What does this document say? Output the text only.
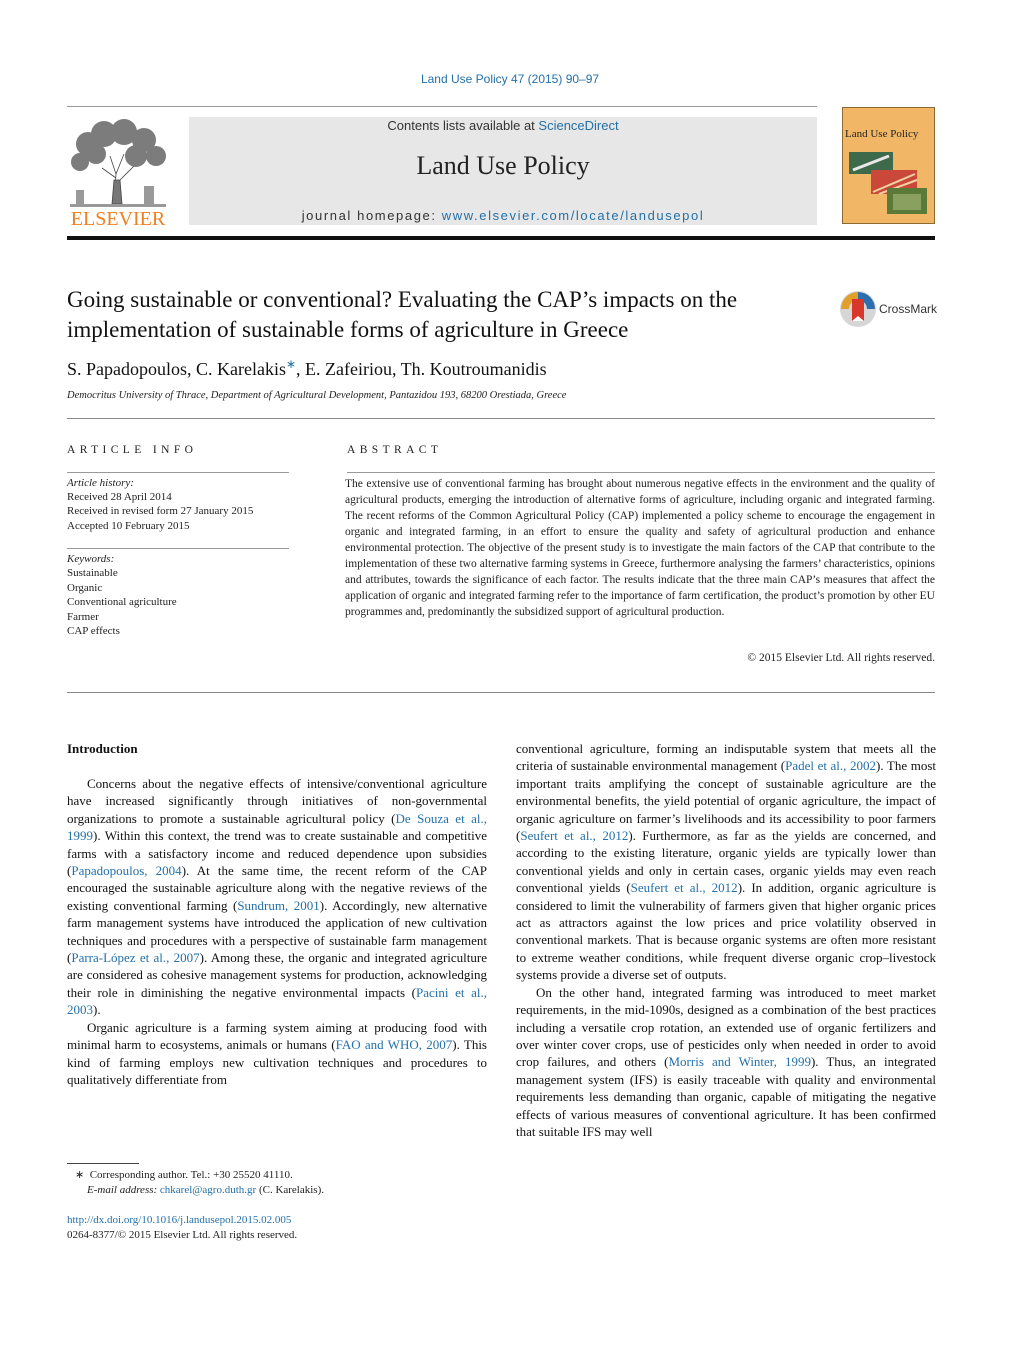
Land Use Policy 47 (2015) 90–97
ELSEVIER
Contents lists available at ScienceDirect
Land Use Policy
journal homepage: www.elsevier.com/locate/landusepol
Land Use Policy
Going sustainable or conventional? Evaluating the CAP’s impacts on the implementation of sustainable forms of agriculture in Greece
CrossMark
S. Papadopoulos, C. Karelakis∗, E. Zafeiriou, Th. Koutroumanidis
Democritus University of Thrace, Department of Agricultural Development, Pantazidou 193, 68200 Orestiada, Greece
ARTICLE INFO	ABSTRACT
Article history:
Received 28 April 2014
Received in revised form 27 January 2015
Accepted 10 February 2015
Keywords:
Sustainable
Organic
Conventional agriculture
Farmer
CAP effects
The extensive use of conventional farming has brought about numerous negative effects in the environment and the quality of agricultural products, emerging the introduction of alternative forms of agriculture, including organic and integrated farming. The recent reforms of the Common Agricultural Policy (CAP) implemented a policy scheme to encourage the engagement in organic and integrated farming, in an effort to ensure the quality and safety of agricultural production and enhance environmental protection. The objective of the present study is to investigate the main factors of the CAP that contribute to the implementation of these two alternative farming systems in Greece, furthermore analysing the farmers’ characteristics, opinions and attributes, towards the significance of each factor. The results indicate that the three main CAP’s measures that affect the application of organic and integrated farming refer to the importance of farm certification, the product’s promotion by other EU programmes and, predominantly the subsidized support of agricultural production.
© 2015 Elsevier Ltd. All rights reserved.
Introduction

Concerns about the negative effects of intensive/conventional agriculture have increased significantly through initiatives of non-governmental organizations to promote a sustainable agricultural policy (De Souza et al., 1999). Within this context, the trend was to create sustainable and competitive farms with a satisfactory income and reduced dependence upon subsidies (Papadopoulos, 2004). At the same time, the recent reform of the CAP encouraged the sustainable agriculture along with the negative reviews of the existing conventional farming (Sundrum, 2001). Accordingly, new alternative farm management systems have introduced the application of new cultivation techniques and procedures with a perspective of sustainable farm management (Parra-López et al., 2007). Among these, the organic and integrated agriculture are considered as cohesive management systems for production, acknowledging their role in diminishing the negative environmental impacts (Pacini et al., 2003).

Organic agriculture is a farming system aiming at producing food with minimal harm to ecosystems, animals or humans (FAO and WHO, 2007). This kind of farming employs new cultivation techniques and procedures to qualitatively differentiate from

conventional agriculture, forming an indisputable system that meets all the criteria of sustainable environmental management (Padel et al., 2002). The most important traits amplifying the concept of sustainable agriculture are the environmental benefits, the yield potential of organic agriculture, the impact of organic agriculture on farmer’s livelihoods and its accessibility to poor farmers (Seufert et al., 2012). Furthermore, as far as the yields are concerned, and according to the existing literature, organic yields are typically lower than conventional yields and only in certain cases, organic yields may even reach conventional yields (Seufert et al., 2012). In addition, organic agriculture is considered to limit the vulnerability of farmers given that higher organic prices act as attractors against the low prices and price volatility observed in conventional markets. That is because organic systems are often more resistant to extreme weather conditions, while frequent diverse organic crop–livestock systems provide a diverse set of outputs.

On the other hand, integrated farming was introduced to meet market requirements, in the mid-1090s, designed as a combination of the best practices including a versatile crop rotation, an extended use of organic fertilizers and over winter cover crops, use of pesticides only when needed in order to avoid crop failures, and others (Morris and Winter, 1999). Thus, an integrated management system (IFS) is easily traceable with quality and environmental requirements less demanding than organic, capable of mitigating the negative effects of various measures of conventional agriculture. It has been confirmed that suitable IFS may well

∗ Corresponding author. Tel.: +30 25520 41110.
E-mail address: chkarel@agro.duth.gr (C. Karelakis).
http://dx.doi.org/10.1016/j.landusepol.2015.02.005
0264-8377/© 2015 Elsevier Ltd. All rights reserved.
